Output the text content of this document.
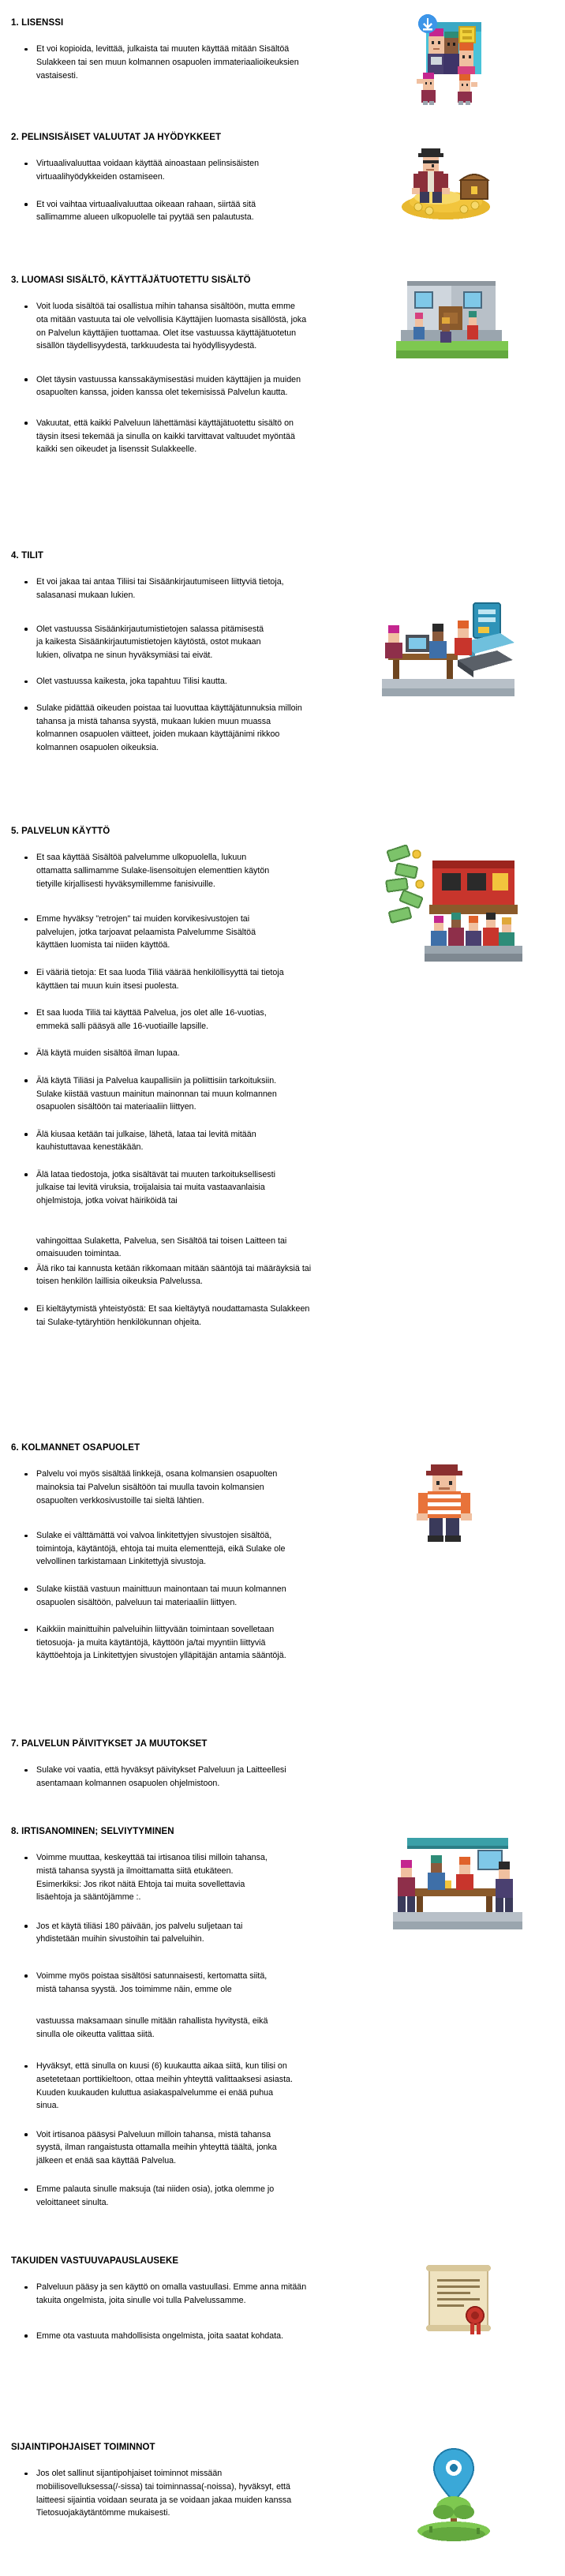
1. LISENSSI
Et voi kopioida, levittää, julkaista tai muuten käyttää mitään Sisältöä Sulakkeen tai sen muun kolmannen osapuolen immateriaalioikeuksien vastaisesti.
2. PELINSISÄISET VALUUTAT JA HYÖDYKKEET
Virtuaalivaluuttaa voidaan käyttää ainoastaan pelinsisäisten virtuaalihyödykkeiden ostamiseen.
Et voi vaihtaa virtuaalivaluuttaa oikeaan rahaan, siirtää sitä sallimamme alueen ulkopuolelle tai pyytää sen palautusta.
3. LUOMASI SISÄLTÖ, KÄYTTÄJÄTUOTETTU SISÄLTÖ
Voit luoda sisältöä tai osallistua mihin tahansa sisältöön, mutta emme ota mitään vastuuta tai ole velvollisia Käyttäjien luomasta sisällöstä, joka on Palvelun käyttäjien tuottamaa. Olet itse vastuussa käyttäjätuotetun sisällön täydellisyydestä, tarkkuudesta tai hyödyllisyydestä.
Olet täysin vastuussa kanssakäymisestäsi muiden käyttäjien ja muiden osapuolten kanssa, joiden kanssa olet tekemisissä Palvelun kautta.
Vakuutat, että kaikki Palveluun lähettämäsi käyttäjätuotettu sisältö on täysin itsesi tekemää ja sinulla on kaikki tarvittavat valtuudet myöntää kaikki sen oikeudet ja lisenssit Sulakkeelle.
4. TILIT
Et voi jakaa tai antaa Tiliisi tai Sisäänkirjautumiseen liittyviä tietoja, salasanasi mukaan lukien.
Olet vastuussa Sisäänkirjautumistietojen salassa pitämisestä ja kaikesta Sisäänkirjautumistietojen käytöstä, ostot mukaan lukien, olivatpa ne sinun hyväksymiäsi tai eivät.
Olet vastuussa kaikesta, joka tapahtuu Tilisi kautta.
Sulake pidättää oikeuden poistaa tai luovuttaa käyttäjätunnuksia milloin tahansa ja mistä tahansa syystä, mukaan lukien muun muassa kolmannen osapuolen väitteet, joiden mukaan käyttäjänimi rikkoo kolmannen osapuolen oikeuksia.
5. PALVELUN KÄYTTÖ
Et saa käyttää Sisältöä palvelumme ulkopuolella, lukuun ottamatta sallimamme Sulake-lisensoitujen elementtien käytön tietyille kirjallisesti hyväksymillemme fanisivuille.
Emme hyväksy "retrojen" tai muiden korvikesivustojen tai palvelujen, jotka tarjoavat pelaamista Palvelumme Sisältöä käyttäen luomista tai niiden käyttöä.
Ei vääriä tietoja: Et saa luoda Tiliä väärää henkilöllisyyttä tai tietoja käyttäen tai muun kuin itsesi puolesta.
Et saa luoda Tiliä tai käyttää Palvelua, jos olet alle 16-vuotias, emmekä salli pääsyä alle 16-vuotiaille lapsille.
Älä käytä muiden sisältöä ilman lupaa.
Älä käytä Tiliäsi ja Palvelua kaupallisiin ja poliittisiin tarkoituksiin. Sulake kiistää vastuun mainitun mainonnan tai muun kolmannen osapuolen sisältöön tai materiaaliin liittyen.
Älä kiusaa ketään tai julkaise, lähetä, lataa tai levitä mitään kauhistuttavaa kenestäkään.
Älä lataa tiedostoja, jotka sisältävät tai muuten tarkoituksellisesti julkaise tai levitä viruksia, troijalaisia tai muita vastaavanlaisia ohjelmistoja, jotka voivat häiriköidä tai
vahingoittaa Sulaketta, Palvelua, sen Sisältöä tai toisen Laitteen tai omaisuuden toimintaa.
Älä riko tai kannusta ketään rikkomaan mitään sääntöjä tai määräyksiä tai toisen henkilön laillisia oikeuksia Palvelussa.
Ei kieltäytymistä yhteistyöstä: Et saa kieltäytyä noudattamasta Sulakkeen tai Sulake-tytäryhtiön henkilökunnan ohjeita.
6. KOLMANNET OSAPUOLET
Palvelu voi myös sisältää linkkejä, osana kolmansien osapuolten mainoksia tai Palvelun sisältöön tai muulla tavoin kolmansien osapuolten verkkosivustoille tai sieltä lähtien.
Sulake ei välttämättä voi valvoa linkitettyjen sivustojen sisältöä, toimintoja, käytäntöjä, ehtoja tai muita elementtejä, eikä Sulake ole velvollinen tarkistamaan Linkitettyjä sivustoja.
Sulake kiistää vastuun mainittuun mainontaan tai muun kolmannen osapuolen sisältöön, palveluun tai materiaaliin liittyen.
Kaikkiin mainittuihin palveluihin liittyvään toimintaan sovelletaan tietosuoja- ja muita käytäntöjä, käyttöön ja/tai myyntiin liittyviä käyttöehtoja ja Linkitettyjen sivustojen ylläpitäjän antamia sääntöjä.
7. PALVELUN PÄIVITYKSET JA MUUTOKSET
Sulake voi vaatia, että hyväksyt päivitykset Palveluun ja Laitteellesi asentamaan kolmannen osapuolen ohjelmistoon.
8. IRTISANOMINEN; SELVIYTYMINEN
Voimme muuttaa, keskeyttää tai irtisanoa tilisi milloin tahansa, mistä tahansa syystä ja ilmoittamatta siitä etukäteen. Esimerkiksi: Jos rikot näitä Ehtoja tai muita sovellettavia lisäehtoja ja sääntöjämme :.
Jos et käytä tiliäsi 180 päivään, jos palvelu suljetaan tai yhdistetään muihin sivustoihin tai palveluihin.
Voimme myös poistaa sisältösi satunnaisesti, kertomatta siitä, mistä tahansa syystä. Jos toimimme näin, emme ole
vastuussa maksamaan sinulle mitään rahallista hyvitystä, eikä sinulla ole oikeutta valittaa siitä.
Hyväksyt, että sinulla on kuusi (6) kuukautta aikaa siitä, kun tilisi on asetetetaan porttikieltoon, ottaa meihin yhteyttä valittaaksesi asiasta. Kuuden kuukauden kuluttua asiakaspalvelumme ei enää puhua sinua.
Voit irtisanoa pääsysi Palveluun milloin tahansa, mistä tahansa syystä, ilman rangaistusta ottamalla meihin yhteyttä täältä, jonka jälkeen et enää saa käyttää Palvelua.
Emme palauta sinulle maksuja (tai niiden osia), jotka olemme jo veloittaneet sinulta.
TAKUIDEN VASTUUVAPAUSLAUSEKE
Palveluun pääsy ja sen käyttö on omalla vastuullasi. Emme anna mitään takuita ongelmista, joita sinulle voi tulla Palvelussamme.
Emme ota vastuuta mahdollisista ongelmista, joita saatat kohdata.
SIJAINTIPOHJAISET TOIMINNOT
Jos olet sallinut sijantipohjaiset toiminnot missään mobiilisovelluksessa(/-sissa) tai toiminnassa(-noissa), hyväksyt, että laitteesi sijaintia voidaan seurata ja se voidaan jakaa muiden kanssa Tietosuojakäytäntömme mukaisesti.
